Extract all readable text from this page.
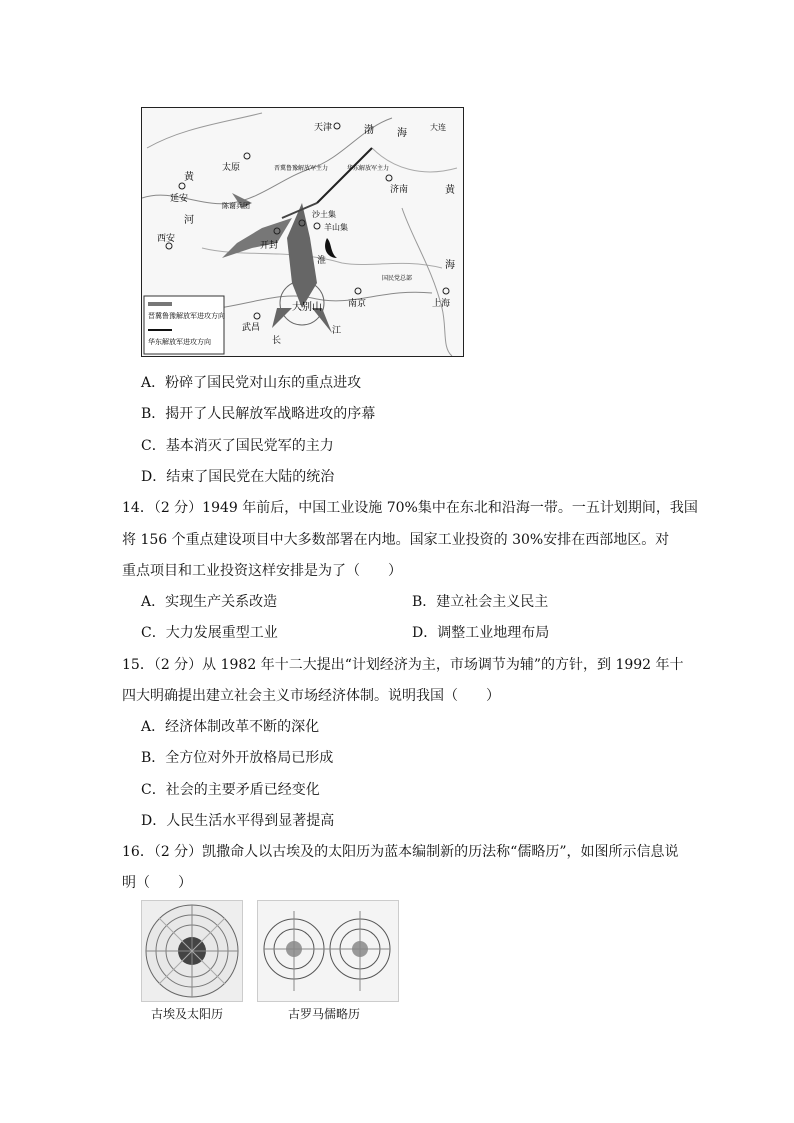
天津
太原
济南
延安
西安
开封
南京	上海
武昌
大连
沙土集
羊山集
渤 海
黄
海
黄
河
淮
江
长
大别山
陈谢兵团
晋冀鲁豫解放军主力	华东解放军主力
国民党总部
晋冀鲁豫解放军进攻方向
华东解放军进攻方向
A．粉碎了国民党对山东的重点进攻
B．揭开了人民解放军战略进攻的序幕
C．基本消灭了国民党军的主力
D．结束了国民党在大陆的统治
14．（2 分）1949 年前后，中国工业设施 70%集中在东北和沿海一带。一五计划期间，我国
将 156 个重点建设项目中大多数部署在内地。国家工业投资的 30%安排在西部地区。对
重点项目和工业投资这样安排是为了（　　）
A．实现生产关系改造	B．建立社会主义民主
C．大力发展重型工业	D．调整工业地理布局
15．（2 分）从 1982 年十二大提出“计划经济为主，市场调节为辅”的方针，到 1992 年十
四大明确提出建立社会主义市场经济体制。说明我国（　　）
A．经济体制改革不断的深化
B．全方位对外开放格局已形成
C．社会的主要矛盾已经变化
D．人民生活水平得到显著提高
16．（2 分）凯撒命人以古埃及的太阳历为蓝本编制新的历法称“儒略历”，如图所示信息说
明（　　）
古埃及太阳历	古罗马儒略历
